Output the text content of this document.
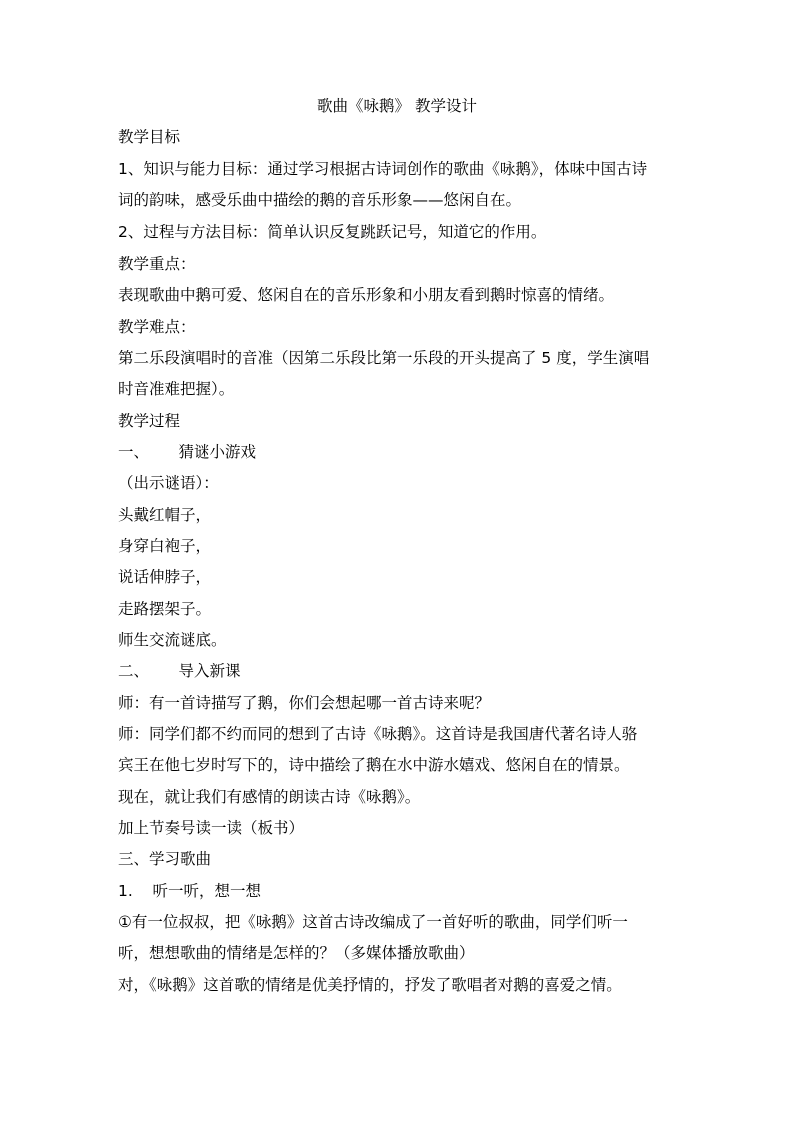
歌曲《咏鹅》 教学设计
教学目标
1、知识与能力目标：通过学习根据古诗词创作的歌曲《咏鹅》，体味中国古诗
词的韵味，感受乐曲中描绘的鹅的音乐形象——悠闲自在。
2、过程与方法目标：简单认识反复跳跃记号，知道它的作用。
教学重点：
表现歌曲中鹅可爱、悠闲自在的音乐形象和小朋友看到鹅时惊喜的情绪。
教学难点：
第二乐段演唱时的音准（因第二乐段比第一乐段的开头提高了 5 度，学生演唱
时音准难把握）。
教学过程
一、      猜谜小游戏
（出示谜语）：
头戴红帽子，
身穿白袍子，
说话伸脖子，
走路摆架子。
师生交流谜底。
二、      导入新课
师：有一首诗描写了鹅，你们会想起哪一首古诗来呢？
师：同学们都不约而同的想到了古诗《咏鹅》。这首诗是我国唐代著名诗人骆
宾王在他七岁时写下的，诗中描绘了鹅在水中游水嬉戏、悠闲自在的情景。
现在，就让我们有感情的朗读古诗《咏鹅》。
加上节奏号读一读（板书）
三、学习歌曲
1.    听一听，想一想
①有一位叔叔，把《咏鹅》这首古诗改编成了一首好听的歌曲，同学们听一
听，想想歌曲的情绪是怎样的？（多媒体播放歌曲）
对，《咏鹅》这首歌的情绪是优美抒情的，抒发了歌唱者对鹅的喜爱之情。
